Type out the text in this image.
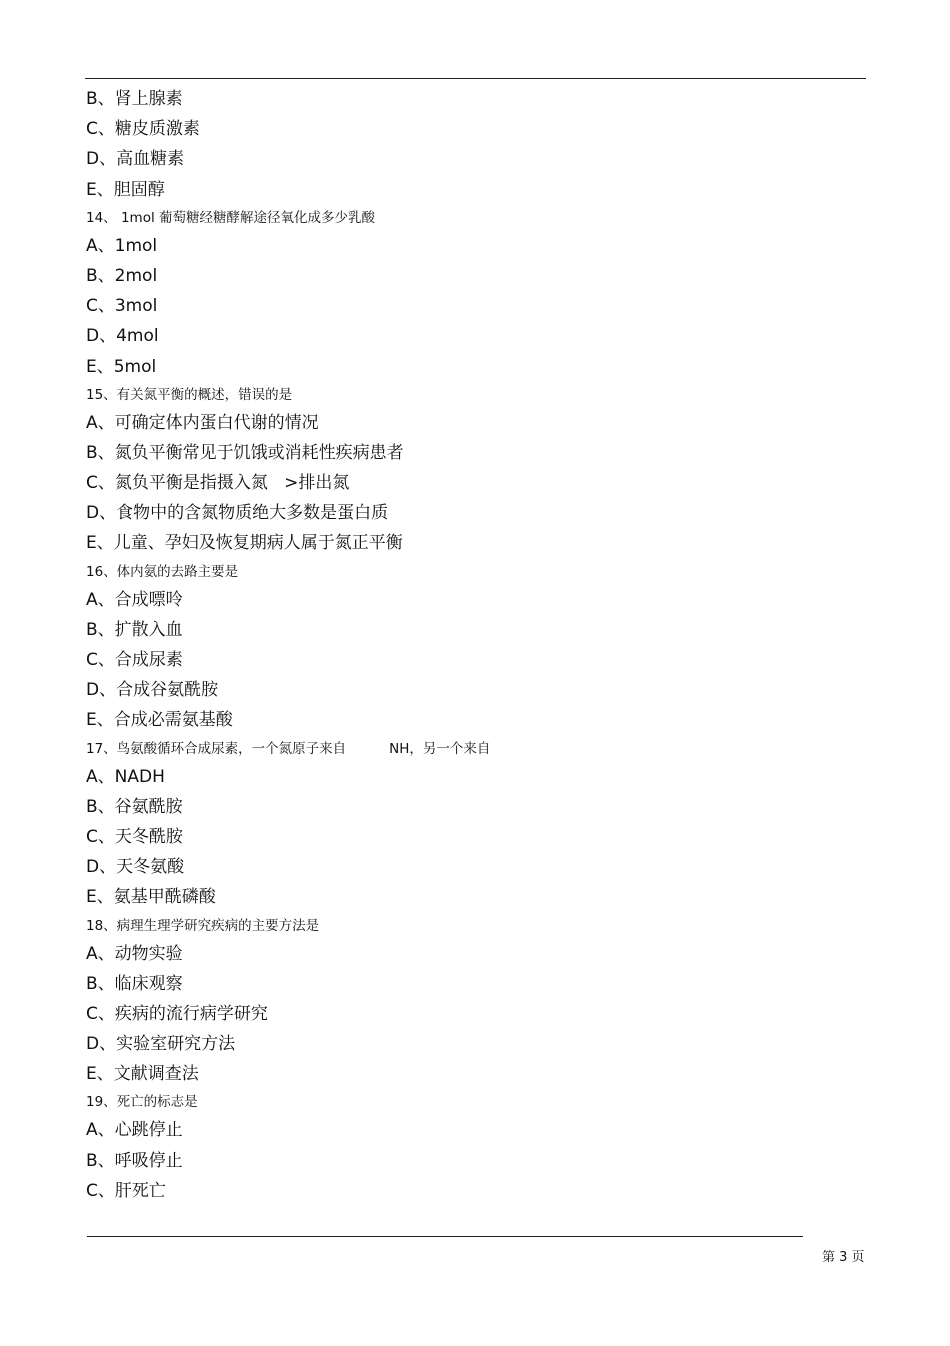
B、肾上腺素
C、糖皮质激素
D、高血糖素
E、胆固醇
14、 1mol 葡萄糖经糖酵解途径氧化成多少乳酸
A、1mol
B、2mol
C、3mol
D、4mol
E、5mol
15、有关氮平衡的概述，错误的是
A、可确定体内蛋白代谢的情况
B、氮负平衡常见于饥饿或消耗性疾病患者
C、氮负平衡是指摄入氮   >排出氮
D、食物中的含氮物质绝大多数是蛋白质
E、儿童、孕妇及恢复期病人属于氮正平衡
16、体内氨的去路主要是
A、合成嘌呤
B、扩散入血
C、合成尿素
D、合成谷氨酰胺
E、合成必需氨基酸
17、鸟氨酸循环合成尿素，一个氮原子来自          NH，另一个来自
A、NADH
B、谷氨酰胺
C、天冬酰胺
D、天冬氨酸
E、氨基甲酰磷酸
18、病理生理学研究疾病的主要方法是
A、动物实验
B、临床观察
C、疾病的流行病学研究
D、实验室研究方法
E、文献调查法
19、死亡的标志是
A、心跳停止
B、呼吸停止
C、肝死亡
第 3 页
